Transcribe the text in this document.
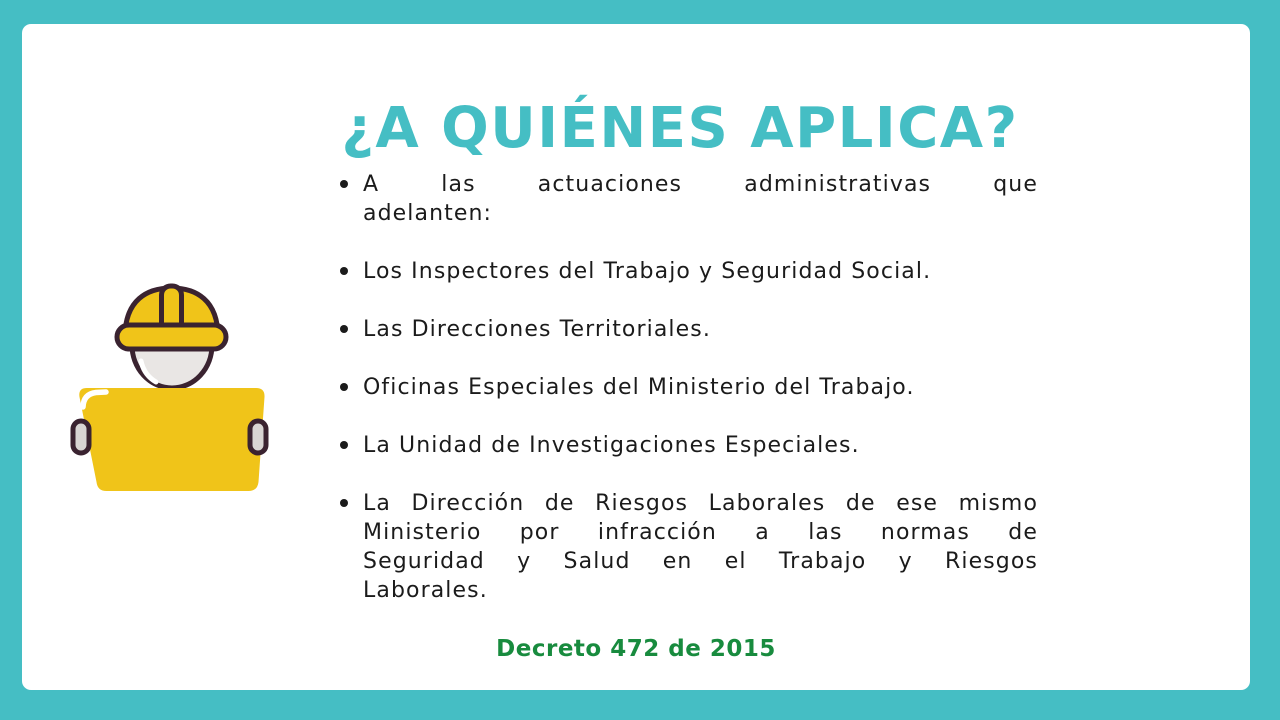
¿A QUIÉNES APLICA?
A las actuaciones administrativas que
adelanten:
Los Inspectores del Trabajo y Seguridad Social.
Las Direcciones Territoriales.
Oficinas Especiales del Ministerio del Trabajo.
La Unidad de Investigaciones Especiales.
La Dirección de Riesgos Laborales de ese mismo
Ministerio por infracción a las normas de
Seguridad y Salud en el Trabajo y Riesgos
Laborales.
Decreto 472 de 2015
